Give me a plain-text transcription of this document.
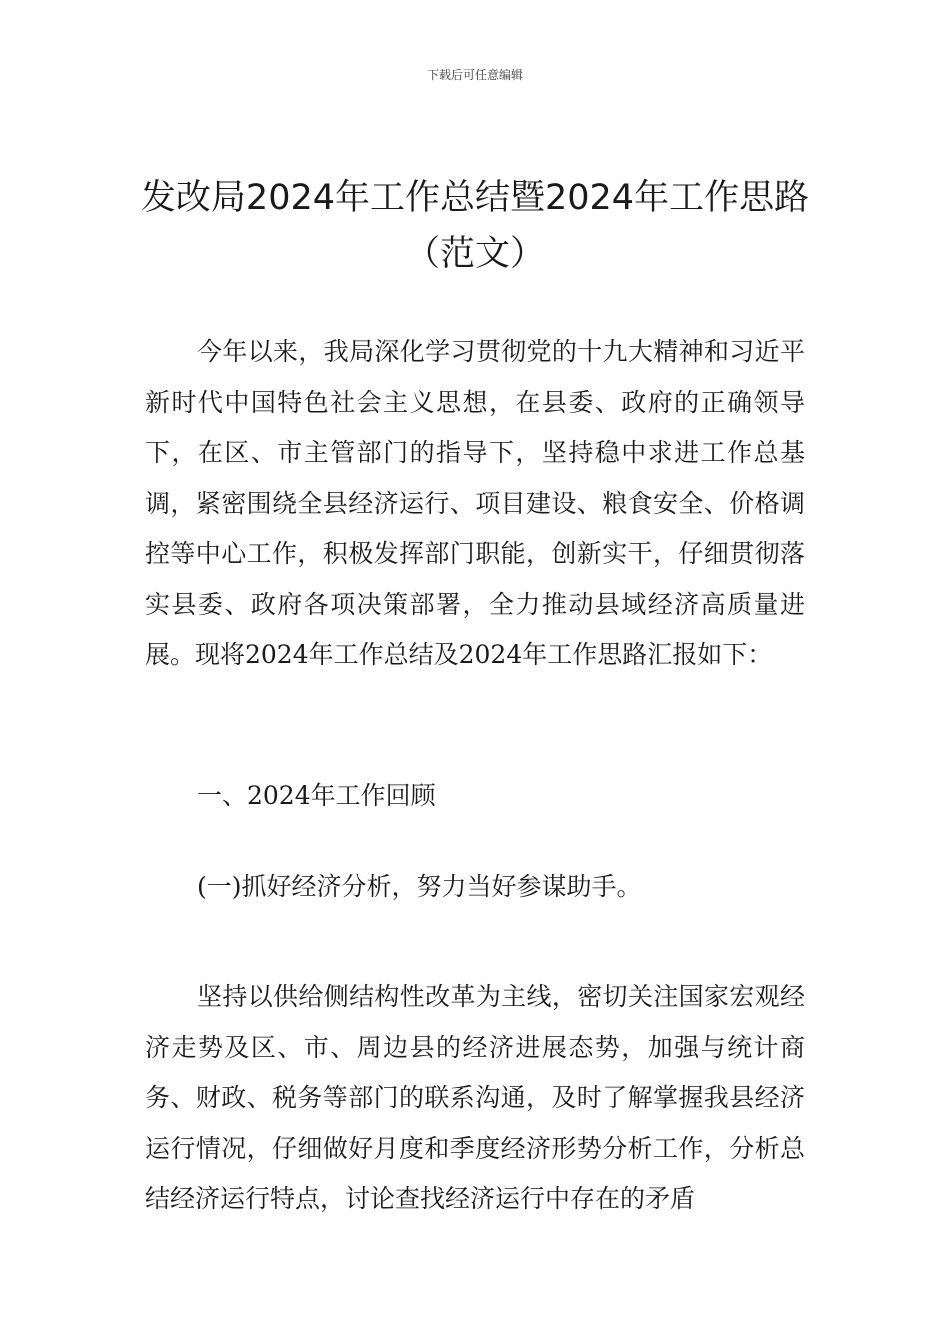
下载后可任意编辑
发改局2024年工作总结暨2024年工作思路（范文）

今年以来，我局深化学习贯彻党的十九大精神和习近平新时代中国特色社会主义思想，在县委、政府的正确领导下，在区、市主管部门的指导下，坚持稳中求进工作总基调，紧密围绕全县经济运行、项目建设、粮食安全、价格调控等中心工作，积极发挥部门职能，创新实干，仔细贯彻落实县委、政府各项决策部署，全力推动县域经济高质量进展。现将2024年工作总结及2024年工作思路汇报如下：

一、2024年工作回顾

(一)抓好经济分析，努力当好参谋助手。

坚持以供给侧结构性改革为主线，密切关注国家宏观经济走势及区、市、周边县的经济进展态势，加强与统计商务、财政、税务等部门的联系沟通，及时了解掌握我县经济运行情况，仔细做好月度和季度经济形势分析工作，分析总结经济运行特点，讨论查找经济运行中存在的矛盾
